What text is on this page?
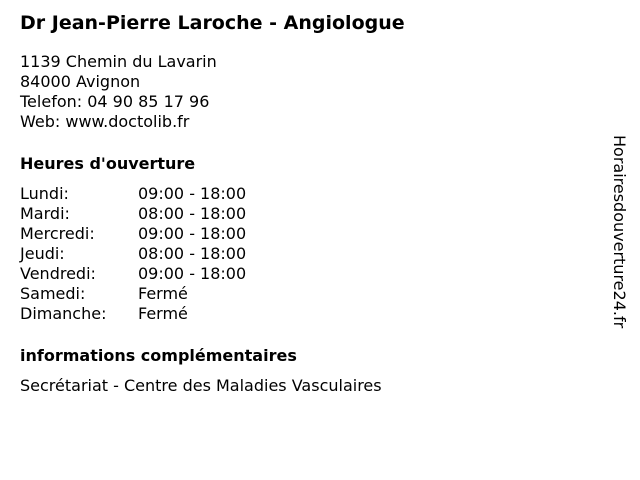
Dr Jean-Pierre Laroche - Angiologue
1139 Chemin du Lavarin
84000 Avignon
Telefon: 04 90 85 17 96
Web: www.doctolib.fr
Heures d'ouverture
Lundi:	09:00 - 18:00
Mardi:	08:00 - 18:00
Mercredi:	09:00 - 18:00
Jeudi:	08:00 - 18:00
Vendredi:	09:00 - 18:00
Samedi:	Fermé
Dimanche:	Fermé
informations complémentaires
Secrétariat - Centre des Maladies Vasculaires
Horairesdouverture24.fr
